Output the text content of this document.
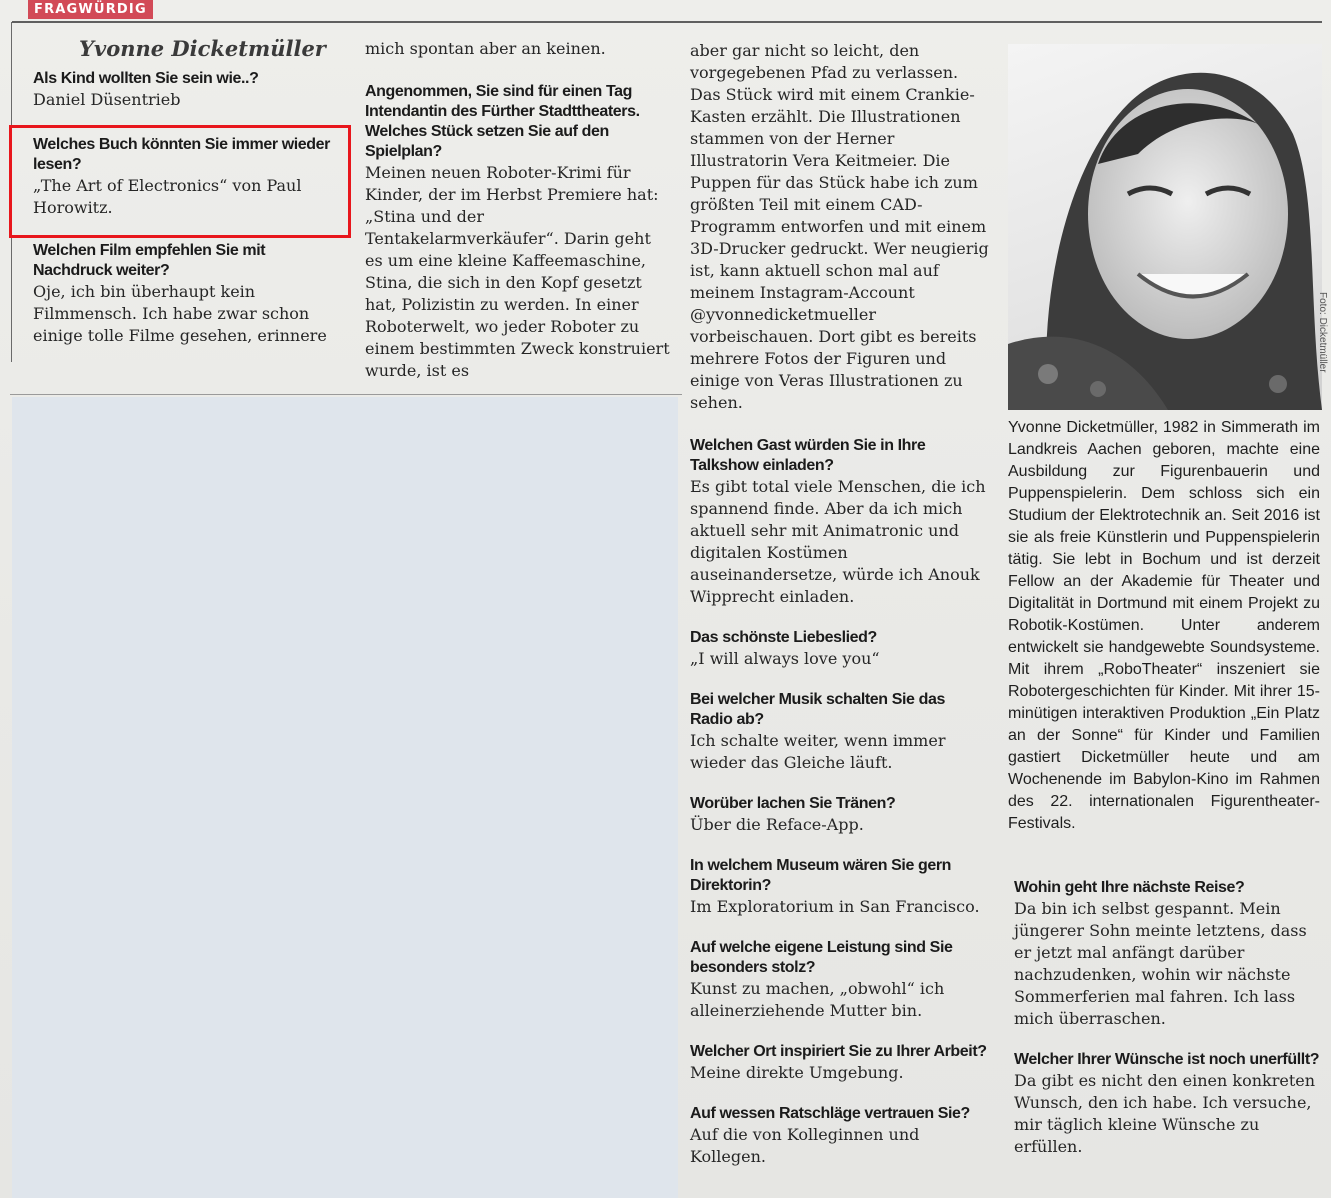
FRAGWÜRDIG
Yvonne Dicketmüller

Als Kind wollten Sie sein wie..?

Daniel Düsentrieb

Welches Buch könnten Sie immer wieder lesen?

„The Art of Electronics“ von Paul Horowitz.

Welchen Film empfehlen Sie mit Nachdruck weiter?

Oje, ich bin überhaupt kein Filmmensch. Ich habe zwar schon einige tolle Filme gesehen, erinnere

mich spontan aber an keinen.

Angenommen, Sie sind für einen Tag Intendantin des Fürther Stadttheaters. Welches Stück setzen Sie auf den Spielplan?

Meinen neuen Roboter-Krimi für Kinder, der im Herbst Premiere hat: „Stina und der Tentakelarmverkäufer“. Darin geht es um eine kleine Kaffeemaschine, Stina, die sich in den Kopf gesetzt hat, Polizistin zu werden. In einer Roboterwelt, wo jeder Roboter zu einem bestimmten Zweck konstruiert wurde, ist es

aber gar nicht so leicht, den vorgegebenen Pfad zu verlassen. Das Stück wird mit einem Crankie-Kasten erzählt. Die Illustrationen stammen von der Herner Illustratorin Vera Keitmeier. Die Puppen für das Stück habe ich zum größten Teil mit einem CAD-Programm entworfen und mit einem 3D-Drucker gedruckt. Wer neugierig ist, kann aktuell schon mal auf meinem Instagram-Account @yvonnedicketmueller vorbeischauen. Dort gibt es bereits mehrere Fotos der Figuren und einige von Veras Illustrationen zu sehen.

Welchen Gast würden Sie in Ihre Talkshow einladen?

Es gibt total viele Menschen, die ich spannend finde. Aber da ich mich aktuell sehr mit Animatronic und digitalen Kostümen auseinandersetze, würde ich Anouk Wipprecht einladen.

Das schönste Liebeslied?

„I will always love you“

Bei welcher Musik schalten Sie das Radio ab?

Ich schalte weiter, wenn immer wieder das Gleiche läuft.

Worüber lachen Sie Tränen?

Über die Reface-App.

In welchem Museum wären Sie gern Direktorin?

Im Exploratorium in San Francisco.

Auf welche eigene Leistung sind Sie besonders stolz?

Kunst zu machen, „obwohl“ ich alleinerziehende Mutter bin.

Welcher Ort inspiriert Sie zu Ihrer Arbeit?

Meine direkte Umgebung.

Auf wessen Ratschläge vertrauen Sie?

Auf die von Kolleginnen und Kollegen.

Foto: Dicketmüller

Yvonne Dicketmüller, 1982 in Simmerath im Landkreis Aachen geboren, machte eine Ausbildung zur Figurenbauerin und Puppenspielerin. Dem schloss sich ein Studium der Elektrotechnik an. Seit 2016 ist sie als freie Künstlerin und Puppenspielerin tätig. Sie lebt in Bochum und ist derzeit Fellow an der Akademie für Theater und Digitalität in Dortmund mit einem Projekt zu Robotik-Kostümen. Unter anderem entwickelt sie handgewebte Soundsysteme. Mit ihrem „RoboTheater“ inszeniert sie Robotergeschichten für Kinder. Mit ihrer 15-minütigen interaktiven Produktion „Ein Platz an der Sonne“ für Kinder und Familien gastiert Dicketmüller heute und am Wochenende im Babylon-Kino im Rahmen des 22. internationalen Figurentheater-Festivals.

Wohin geht Ihre nächste Reise?

Da bin ich selbst gespannt. Mein jüngerer Sohn meinte letztens, dass er jetzt mal anfängt darüber nachzudenken, wohin wir nächste Sommerferien mal fahren. Ich lass mich überraschen.

Welcher Ihrer Wünsche ist noch unerfüllt?

Da gibt es nicht den einen konkreten Wunsch, den ich habe. Ich versuche, mir täglich kleine Wünsche zu erfüllen.
